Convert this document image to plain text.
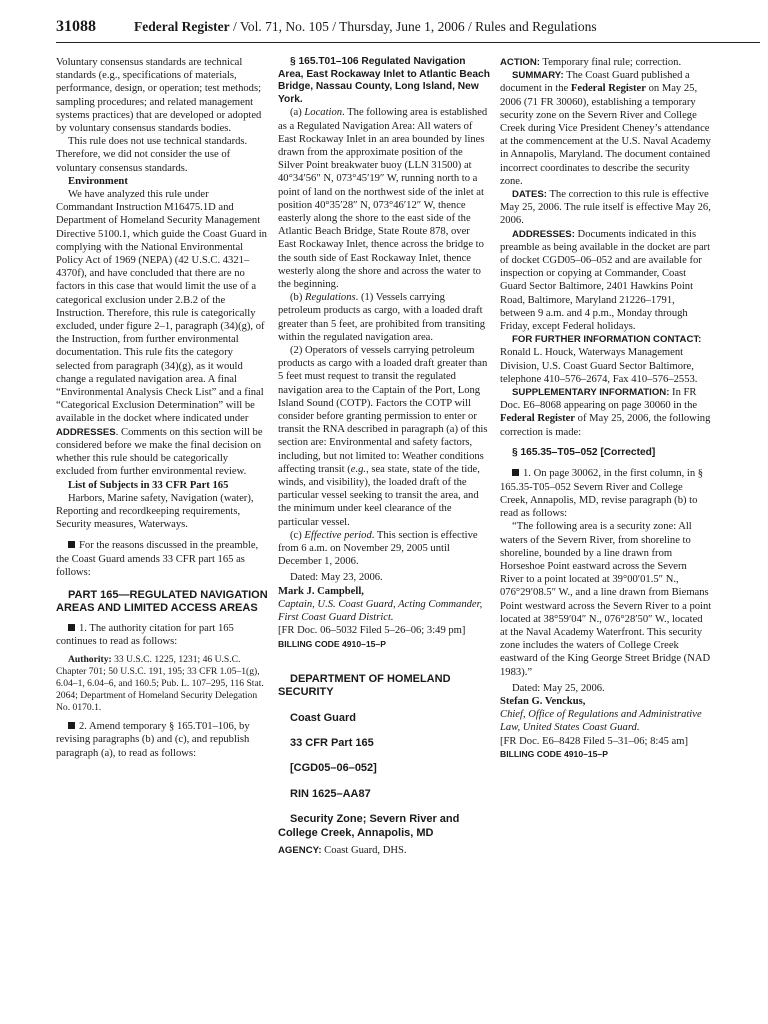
31088	Federal Register / Vol. 71, No. 105 / Thursday, June 1, 2006 / Rules and Regulations

Voluntary consensus standards are technical standards (e.g., specifications of materials, performance, design, or operation; test methods; sampling procedures; and related management systems practices) that are developed or adopted by voluntary consensus standards bodies.

This rule does not use technical standards. Therefore, we did not consider the use of voluntary consensus standards.

Environment

We have analyzed this rule under Commandant Instruction M16475.1D and Department of Homeland Security Management Directive 5100.1, which guide the Coast Guard in complying with the National Environmental Policy Act of 1969 (NEPA) (42 U.S.C. 4321–4370f), and have concluded that there are no factors in this case that would limit the use of a categorical exclusion under 2.B.2 of the Instruction. Therefore, this rule is categorically excluded, under figure 2–1, paragraph (34)(g), of the Instruction, from further environmental documentation. This rule fits the category selected from paragraph (34)(g), as it would change a regulated navigation area. A final “Environmental Analysis Check List” and a final “Categorical Exclusion Determination” will be available in the docket where indicated under ADDRESSES. Comments on this section will be considered before we make the final decision on whether this rule should be categorically excluded from further environmental review.

List of Subjects in 33 CFR Part 165

Harbors, Marine safety, Navigation (water), Reporting and recordkeeping requirements, Security measures, Waterways.

For the reasons discussed in the preamble, the Coast Guard amends 33 CFR part 165 as follows:

PART 165—REGULATED NAVIGATION AREAS AND LIMITED ACCESS AREAS

1. The authority citation for part 165 continues to read as follows:

Authority: 33 U.S.C. 1225, 1231; 46 U.S.C. Chapter 701; 50 U.S.C. 191, 195; 33 CFR 1.05–1(g), 6.04–1, 6.04–6, and 160.5; Pub. L. 107–295, 116 Stat. 2064; Department of Homeland Security Delegation No. 0170.1.

2. Amend temporary § 165.T01–106, by revising paragraphs (b) and (c), and republish paragraph (a), to read as follows:

§ 165.T01–106 Regulated Navigation Area, East Rockaway Inlet to Atlantic Beach Bridge, Nassau County, Long Island, New York.

(a) Location. The following area is established as a Regulated Navigation Area: All waters of East Rockaway Inlet in an area bounded by lines drawn from the approximate position of the Silver Point breakwater buoy (LLN 31500) at 40°34′56″ N, 073°45′19″ W, running north to a point of land on the northwest side of the inlet at position 40°35′28″ N, 073°46′12″ W, thence easterly along the shore to the east side of the Atlantic Beach Bridge, State Route 878, over East Rockaway Inlet, thence across the bridge to the south side of East Rockaway Inlet, thence westerly along the shore and across the water to the beginning.

(b) Regulations. (1) Vessels carrying petroleum products as cargo, with a loaded draft greater than 5 feet, are prohibited from transiting within the regulated navigation area.

(2) Operators of vessels carrying petroleum products as cargo with a loaded draft greater than 5 feet must request to transit the regulated navigation area to the Captain of the Port, Long Island Sound (COTP). Factors the COTP will consider before granting permission to enter or transit the RNA described in paragraph (a) of this section are: Environmental and safety factors, including, but not limited to: Weather conditions affecting transit (e.g., sea state, state of the tide, winds, and visibility), the loaded draft of the particular vessel seeking to transit the area, and the minimum under keel clearance of the particular vessel.

(c) Effective period. This section is effective from 6 a.m. on November 29, 2005 until December 1, 2006.

Dated: May 23, 2006.

Mark J. Campbell,

Captain, U.S. Coast Guard, Acting Commander, First Coast Guard District.

[FR Doc. 06–5032 Filed 5–26–06; 3:49 pm]

BILLING CODE 4910–15–P

DEPARTMENT OF HOMELAND SECURITY

Coast Guard

33 CFR Part 165

[CGD05–06–052]

RIN 1625–AA87

Security Zone; Severn River and College Creek, Annapolis, MD

AGENCY: Coast Guard, DHS.

ACTION: Temporary final rule; correction.

SUMMARY: The Coast Guard published a document in the Federal Register on May 25, 2006 (71 FR 30060), establishing a temporary security zone on the Severn River and College Creek during Vice President Cheney’s attendance at the commencement at the U.S. Naval Academy in Annapolis, Maryland. The document contained incorrect coordinates to describe the security zone.

DATES: The correction to this rule is effective May 25, 2006. The rule itself is effective May 26, 2006.

ADDRESSES: Documents indicated in this preamble as being available in the docket are part of docket CGD05–06–052 and are available for inspection or copying at Commander, Coast Guard Sector Baltimore, 2401 Hawkins Point Road, Baltimore, Maryland 21226–1791, between 9 a.m. and 4 p.m., Monday through Friday, except Federal holidays.

FOR FURTHER INFORMATION CONTACT:
Ronald L. Houck, Waterways Management Division, U.S. Coast Guard Sector Baltimore, telephone 410–576–2674, Fax 410–576–2553.

SUPPLEMENTARY INFORMATION: In FR Doc. E6–8068 appearing on page 30060 in the Federal Register of May 25, 2006, the following correction is made:

§ 165.35–T05–052 [Corrected]

1. On page 30062, in the first column, in § 165.35-T05–052 Severn River and College Creek, Annapolis, MD, revise paragraph (b) to read as follows:

“The following area is a security zone: All waters of the Severn River, from shoreline to shoreline, bounded by a line drawn from Horseshoe Point eastward across the Severn River to a point located at 39°00′01.5″ N., 076°29′08.5″ W., and a line drawn from Biemans Point westward across the Severn River to a point located at 38°59′04″ N., 076°28′50″ W., located at the Naval Academy Waterfront. This security zone includes the waters of College Creek eastward of the King George Street Bridge (NAD 1983).”

Dated: May 25, 2006.

Stefan G. Venckus,

Chief, Office of Regulations and Administrative Law, United States Coast Guard.

[FR Doc. E6–8428 Filed 5–31–06; 8:45 am]

BILLING CODE 4910–15–P
